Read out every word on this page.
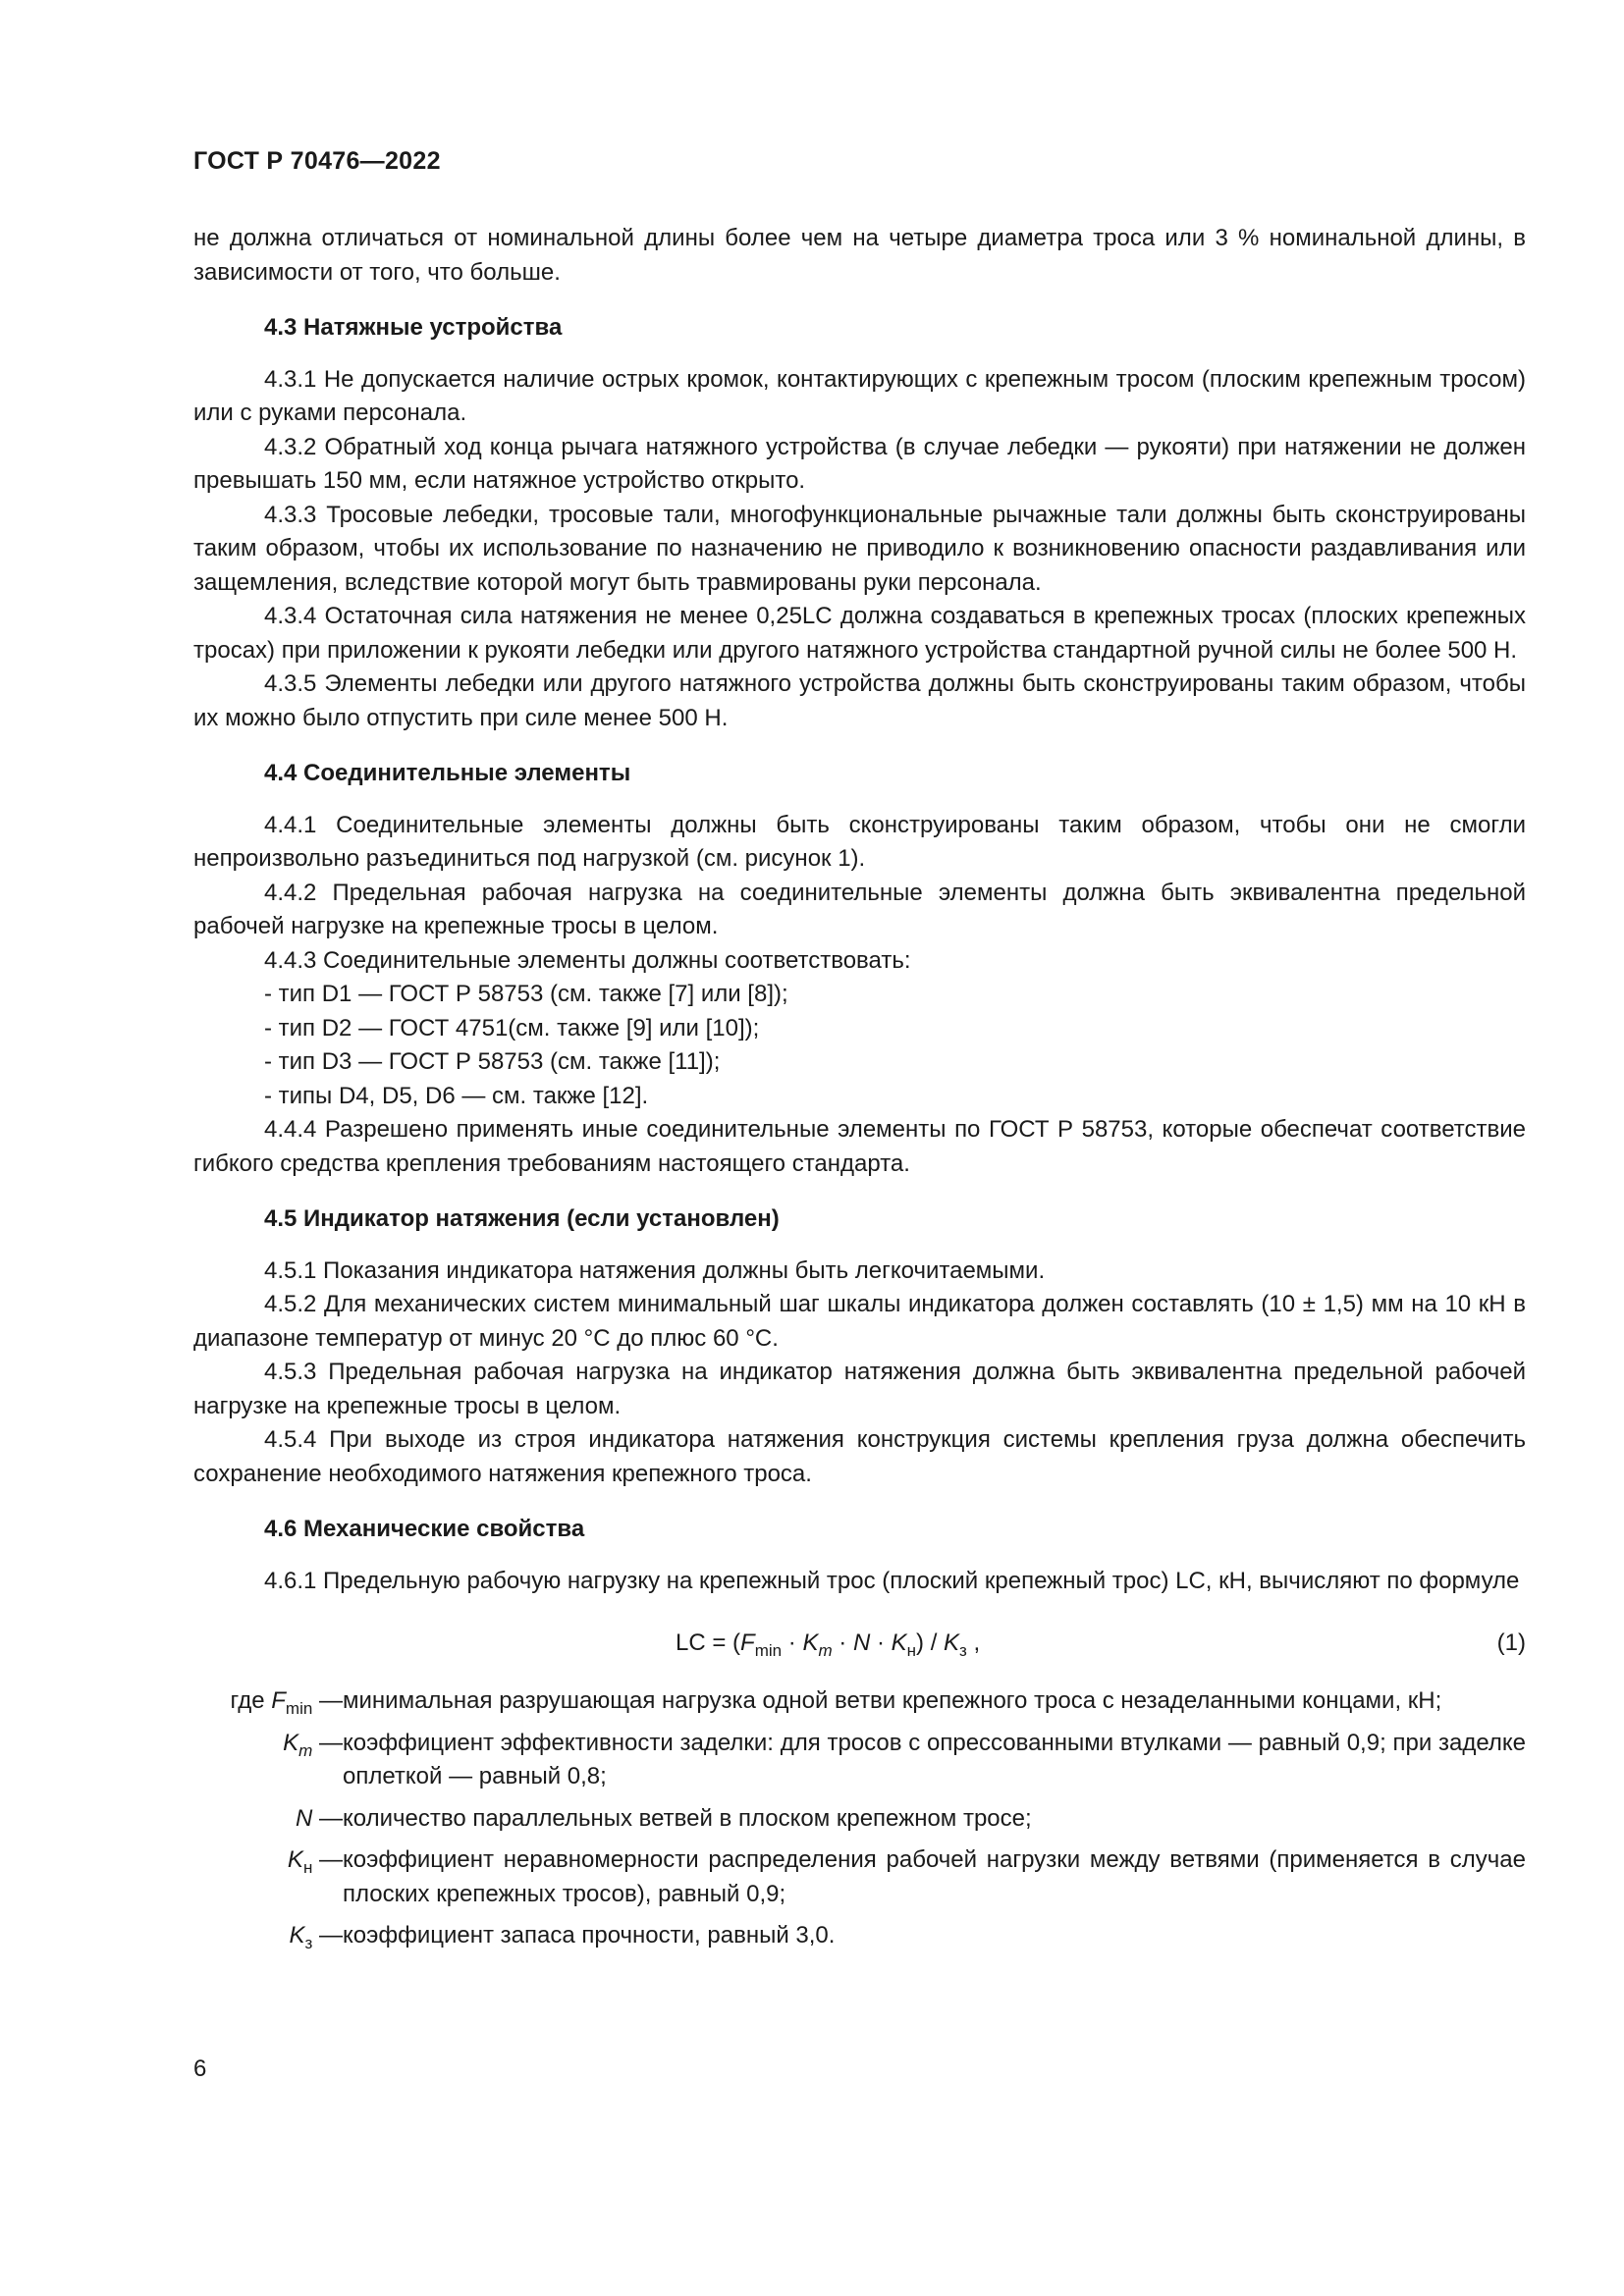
ГОСТ Р 70476—2022

не должна отличаться от номинальной длины более чем на четыре диаметра троса или 3 % номинальной длины, в зависимости от того, что больше.

4.3 Натяжные устройства

4.3.1 Не допускается наличие острых кромок, контактирующих с крепежным тросом (плоским крепежным тросом) или с руками персонала.

4.3.2 Обратный ход конца рычага натяжного устройства (в случае лебедки — рукояти) при натяжении не должен превышать 150 мм, если натяжное устройство открыто.

4.3.3 Тросовые лебедки, тросовые тали, многофункциональные рычажные тали должны быть сконструированы таким образом, чтобы их использование по назначению не приводило к возникновению опасности раздавливания или защемления, вследствие которой могут быть травмированы руки персонала.

4.3.4 Остаточная сила натяжения не менее 0,25LC должна создаваться в крепежных тросах (плоских крепежных тросах) при приложении к рукояти лебедки или другого натяжного устройства стандартной ручной силы не более 500 Н.

4.3.5 Элементы лебедки или другого натяжного устройства должны быть сконструированы таким образом, чтобы их можно было отпустить при силе менее 500 Н.

4.4 Соединительные элементы

4.4.1 Соединительные элементы должны быть сконструированы таким образом, чтобы они не смогли непроизвольно разъединиться под нагрузкой (см. рисунок 1).

4.4.2 Предельная рабочая нагрузка на соединительные элементы должна быть эквивалентна предельной рабочей нагрузке на крепежные тросы в целом.

4.4.3 Соединительные элементы должны соответствовать:

- тип D1 — ГОСТ Р 58753 (см. также [7] или [8]);

- тип D2 — ГОСТ 4751(см. также [9] или [10]);

- тип D3 — ГОСТ Р 58753 (см. также [11]);

- типы D4, D5, D6 — см. также [12].

4.4.4 Разрешено применять иные соединительные элементы по ГОСТ Р 58753, которые обеспечат соответствие гибкого средства крепления требованиям настоящего стандарта.

4.5 Индикатор натяжения (если установлен)

4.5.1 Показания индикатора натяжения должны быть легкочитаемыми.

4.5.2 Для механических систем минимальный шаг шкалы индикатора должен составлять (10 ± 1,5) мм на 10 кН в диапазоне температур от минус 20 °С до плюс 60 °С.

4.5.3 Предельная рабочая нагрузка на индикатор натяжения должна быть эквивалентна предельной рабочей нагрузке на крепежные тросы в целом.

4.5.4 При выходе из строя индикатора натяжения конструкция системы крепления груза должна обеспечить сохранение необходимого натяжения крепежного троса.

4.6 Механические свойства

4.6.1 Предельную рабочую нагрузку на крепежный трос (плоский крепежный трос) LC, кН, вычисляют по формуле

LC = $(F_{min} \cdot K_m \cdot N \cdot K_н) / K_з$ ,	(1)
где $F_{min}$ —	минимальная разрушающая нагрузка одной ветви крепежного троса с незаделанными концами, кН;
$K_m$ —	коэффициент эффективности заделки: для тросов с опрессованными втулками — равный 0,9; при заделке оплеткой — равный 0,8;
N —	количество параллельных ветвей в плоском крепежном тросе;
$K_н$ —	коэффициент неравномерности распределения рабочей нагрузки между ветвями (применяется в случае плоских крепежных тросов), равный 0,9;
$K_з$ —	коэффициент запаса прочности, равный 3,0.
6
